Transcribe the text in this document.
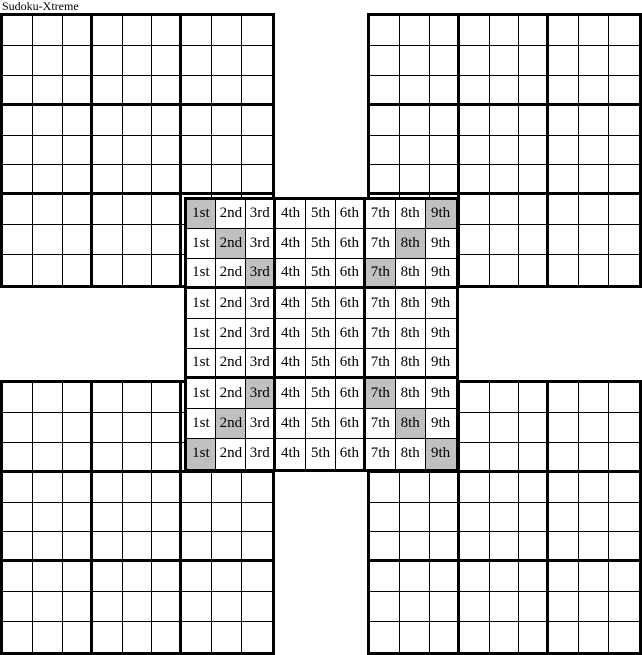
Sudoku-Xtreme
1st 2nd 3rd 4th 5th 6th 7th 8th 9th
1st 2nd 3rd 4th 5th 6th 7th 8th 9th
1st 2nd 3rd 4th 5th 6th 7th 8th 9th
1st 2nd 3rd 4th 5th 6th 7th 8th 9th
1st 2nd 3rd 4th 5th 6th 7th 8th 9th
1st 2nd 3rd 4th 5th 6th 7th 8th 9th
1st 2nd 3rd 4th 5th 6th 7th 8th 9th
1st 2nd 3rd 4th 5th 6th 7th 8th 9th
1st 2nd 3rd 4th 5th 6th 7th 8th 9th
